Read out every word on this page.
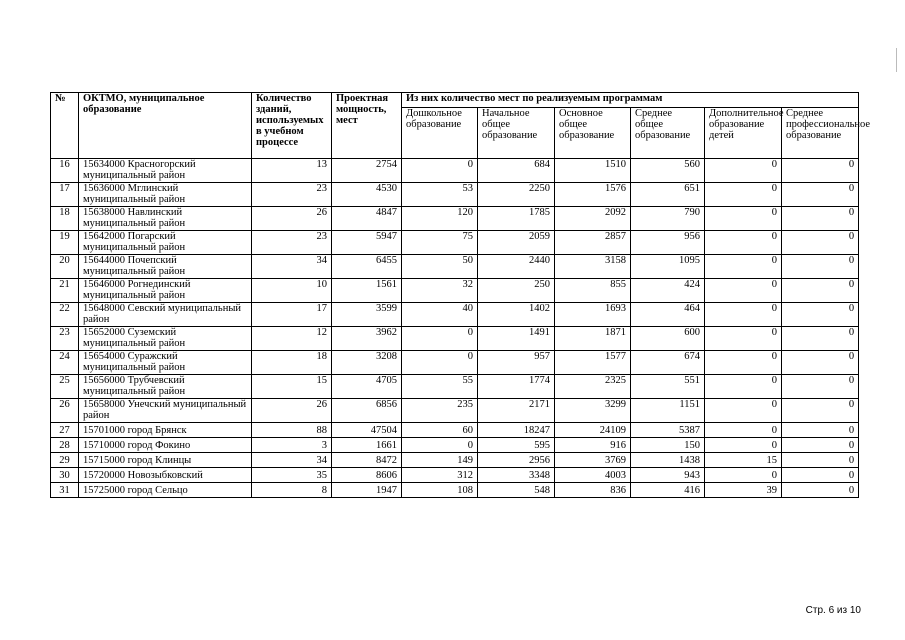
№	ОКТМО, муниципальное образование	Количество зданий, используемых в учебном процессе	Проектная мощность, мест	Из них количество мест по реализуемым программам					
				Дошкольное образование	Начальное общее образование	Основное общее образование	Среднее общее образование	Дополнительное образование детей	Среднее профессиональное образование
16	15634000 Красногорский муниципальный район	13	2754	0	684	1510	560	0	0
17	15636000 Мглинский муниципальный район	23	4530	53	2250	1576	651	0	0
18	15638000 Навлинский муниципальный район	26	4847	120	1785	2092	790	0	0
19	15642000 Погарский муниципальный район	23	5947	75	2059	2857	956	0	0
20	15644000 Почепский муниципальный район	34	6455	50	2440	3158	1095	0	0
21	15646000 Рогнединский муниципальный район	10	1561	32	250	855	424	0	0
22	15648000 Севский муниципальный район	17	3599	40	1402	1693	464	0	0
23	15652000 Суземский муниципальный район	12	3962	0	1491	1871	600	0	0
24	15654000 Суражский муниципальный район	18	3208	0	957	1577	674	0	0
25	15656000 Трубчевский муниципальный район	15	4705	55	1774	2325	551	0	0
26	15658000 Унечский муниципальный район	26	6856	235	2171	3299	1151	0	0
27	15701000 город Брянск	88	47504	60	18247	24109	5387	0	0
28	15710000 город Фокино	3	1661	0	595	916	150	0	0
29	15715000 город Клинцы	34	8472	149	2956	3769	1438	15	0
30	15720000 Новозыбковский	35	8606	312	3348	4003	943	0	0
31	15725000 город Сельцо	8	1947	108	548	836	416	39	0
Стр. 6 из 10
